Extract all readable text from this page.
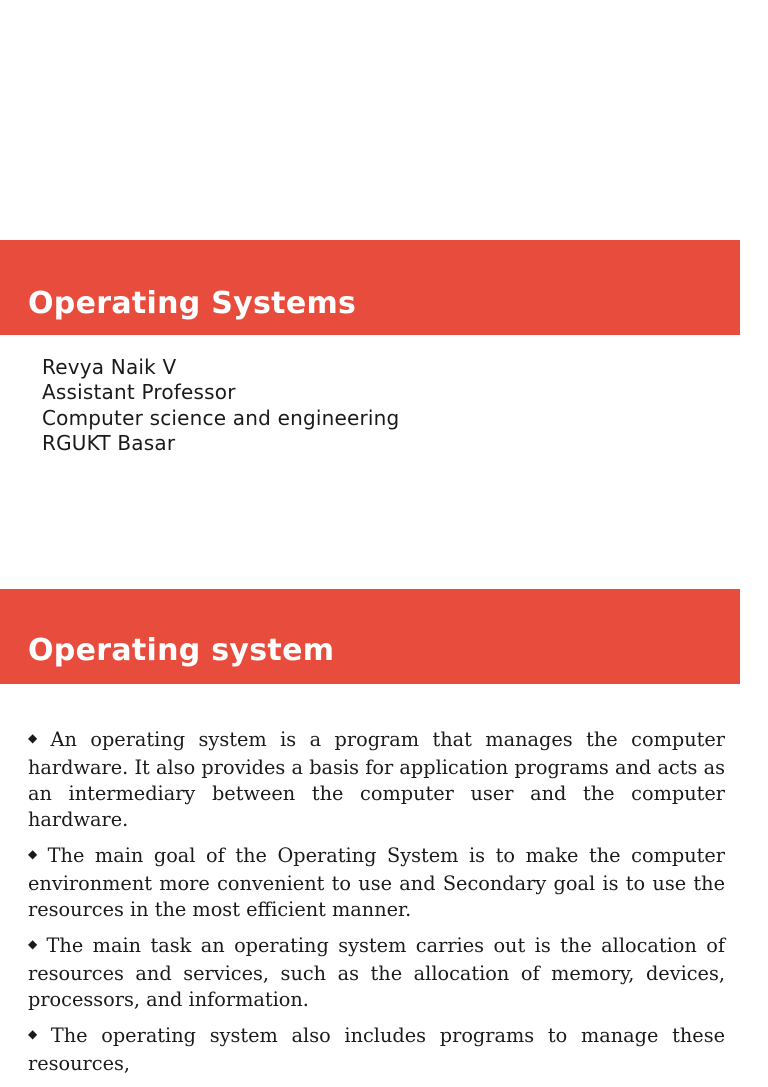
Operating Systems
Revya Naik V
Assistant Professor
Computer science and engineering
RGUKT Basar
Operating system
◆ An operating system is a program that manages the computer hardware. It also provides a basis for application programs and acts as an intermediary between the computer user and the computer hardware.
◆ The main goal of the Operating System is to make the computer environment more convenient to use and Secondary goal is to use the resources in the most efficient manner.
◆ The main task an operating system carries out is the allocation of resources and services, such as the allocation of memory, devices, processors, and information.
◆ The operating system also includes programs to manage these resources,
